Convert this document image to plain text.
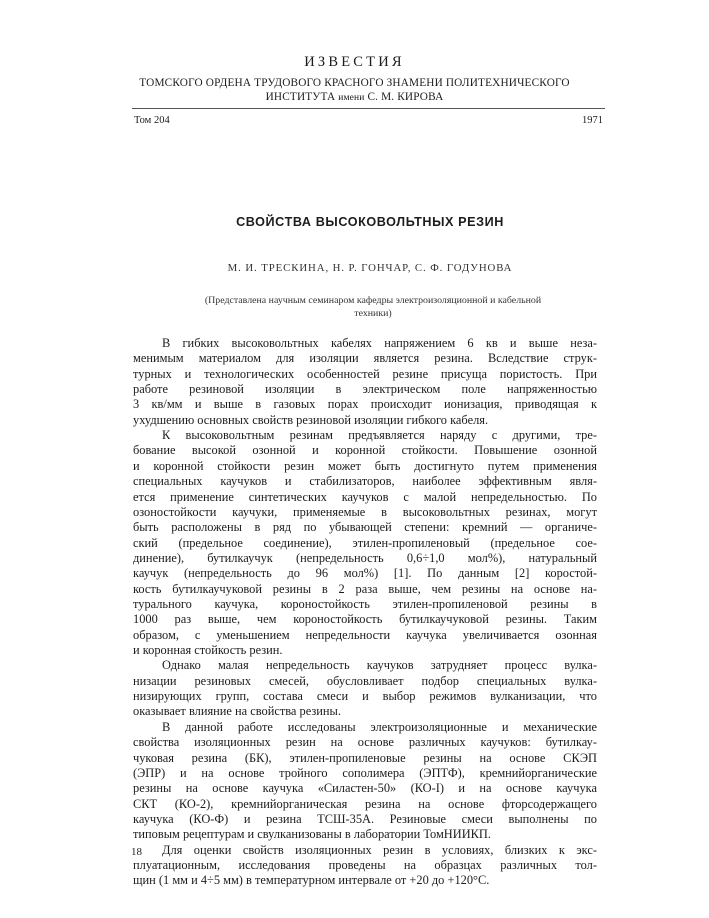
ИЗВЕСТИЯ
ТОМСКОГО ОРДЕНА ТРУДОВОГО КРАСНОГО ЗНАМЕНИ ПОЛИТЕХНИЧЕСКОГО
ИНСТИТУТА имени С. М. КИРОВА
Том 204	1971
СВОЙСТВА ВЫСОКОВОЛЬТНЫХ РЕЗИН
М. И. ТРЕСКИНА, Н. Р. ГОНЧАР, С. Ф. ГОДУНОВА
(Представлена научным семинаром кафедры электроизоляционной и кабельной
техники)
В гибких высоковольтных кабелях напряжением 6 кв и выше неза-
менимым материалом для изоляции является резина. Вследствие струк-
турных и технологических особенностей резине присуща пористость. При
работе резиновой изоляции в электрическом поле напряженностью
3 кв/мм и выше в газовых порах происходит ионизация, приводящая к
ухудшению основных свойств резиновой изоляции гибкого кабеля.
К высоковольтным резинам предъявляется наряду с другими, тре-
бование высокой озонной и коронной стойкости. Повышение озонной
и коронной стойкости резин может быть достигнуто путем применения
специальных каучуков и стабилизаторов, наиболее эффективным явля-
ется применение синтетических каучуков с малой непредельностью. По
озоностойкости каучуки, применяемые в высоковольтных резинах, могут
быть расположены в ряд по убывающей степени: кремний — органиче-
ский (предельное соединение), этилен-пропиленовый (предельное сое-
динение), бутилкаучук (непредельность 0,6÷1,0 мол%), натуральный
каучук (непредельность до 96 мол%) [1]. По данным [2] коростой-
кость бутилкаучуковой резины в 2 раза выше, чем резины на основе на-
турального каучука, короностойкость этилен-пропиленовой резины в
1000 раз выше, чем короностойкость бутилкаучуковой резины. Таким
образом, с уменьшением непредельности каучука увеличивается озонная
и коронная стойкость резин.
Однако малая непредельность каучуков затрудняет процесс вулка-
низации резиновых смесей, обусловливает подбор специальных вулка-
низирующих групп, состава смеси и выбор режимов вулканизации, что
оказывает влияние на свойства резины.
В данной работе исследованы электроизоляционные и механические
свойства изоляционных резин на основе различных каучуков: бутилкау-
чуковая резина (БК), этилен-пропиленовые резины на основе СКЭП
(ЭПР) и на основе тройного сополимера (ЭПТФ), кремнийорганические
резины на основе каучука «Силастен-50» (КО-I) и на основе каучука
СКТ (КО-2), кремнийорганическая резина на основе фторсодержащего
каучука (КО-Ф) и резина ТСШ-35А. Резиновые смеси выполнены по
типовым рецептурам и свулканизованы в лаборатории ТомНИИКП.
Для оценки свойств изоляционных резин в условиях, близких к экс-
плуатационным, исследования проведены на образцах различных тол-
щин (1 мм и 4÷5 мм) в температурном интервале от +20 до +120°С.
18
